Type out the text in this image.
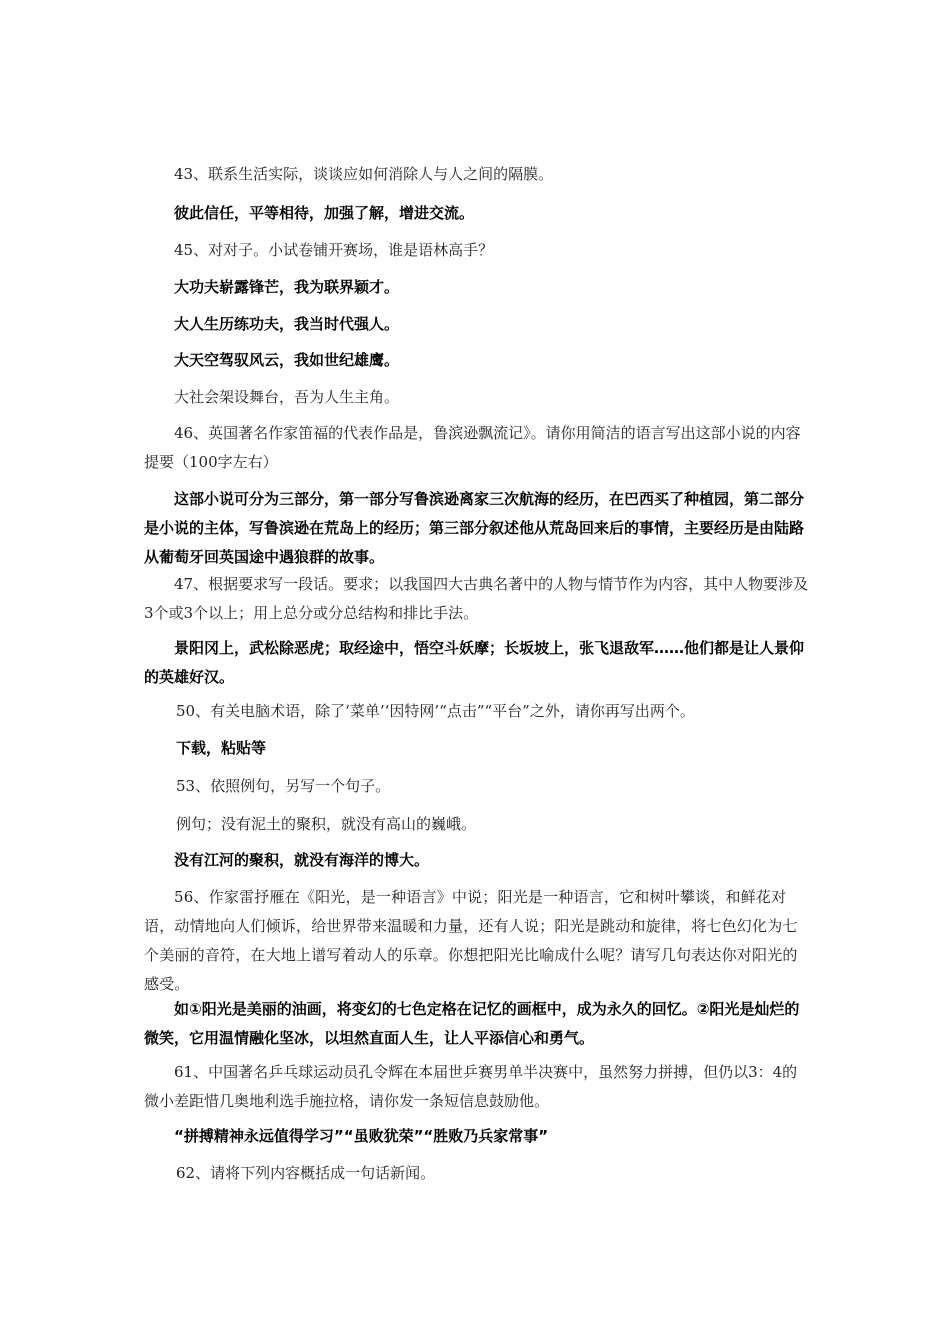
43、联系生活实际，谈谈应如何消除人与人之间的隔膜。
彼此信任，平等相待，加强了解，增进交流。
45、对对子。小试卷铺开赛场，谁是语林高手？
大功夫崭露锋芒，我为联界颖才。
大人生历练功夫，我当时代强人。
大天空驾驭风云，我如世纪雄鹰。
大社会架设舞台，吾为人生主角。
46、英国著名作家笛福的代表作品是，鲁滨逊飘流记》。请你用简洁的语言写出这部小说的内容提要（100字左右）
这部小说可分为三部分，第一部分写鲁滨逊离家三次航海的经历，在巴西买了种植园，第二部分是小说的主体，写鲁滨逊在荒岛上的经历；第三部分叙述他从荒岛回来后的事情，主要经历是由陆路从葡萄牙回英国途中遇狼群的故事。
47、根据要求写一段话。要求；以我国四大古典名著中的人物与情节作为内容，其中人物要涉及3个或3个以上；用上总分或分总结构和排比手法。
景阳冈上，武松除恶虎；取经途中，悟空斗妖摩；长坂坡上，张飞退敌军……他们都是让人景仰的英雄好汉。
50、有关电脑术语，除了‘菜单’‘因特网’“点击”“平台”之外，请你再写出两个。
下载，粘贴等
53、依照例句，另写一个句子。
例句；没有泥土的聚积，就没有高山的巍峨。
没有江河的聚积，就没有海洋的博大。
56、作家雷抒雁在《阳光，是一种语言》中说；阳光是一种语言，它和树叶攀谈，和鲜花对语，动情地向人们倾诉，给世界带来温暖和力量，还有人说；阳光是跳动和旋律，将七色幻化为七个美丽的音符，在大地上谱写着动人的乐章。你想把阳光比喻成什么呢？请写几句表达你对阳光的感受。
如①阳光是美丽的油画，将变幻的七色定格在记忆的画框中，成为永久的回忆。②阳光是灿烂的微笑，它用温情融化坚冰，以坦然直面人生，让人平添信心和勇气。
61、中国著名乒乓球运动员孔令辉在本届世乒赛男单半决赛中，虽然努力拼搏，但仍以3：4的微小差距惜几奥地利选手施拉格，请你发一条短信息鼓励他。
“拼搏精神永远值得学习”“虽败犹荣”“胜败乃兵家常事”
62、请将下列内容概括成一句话新闻。
